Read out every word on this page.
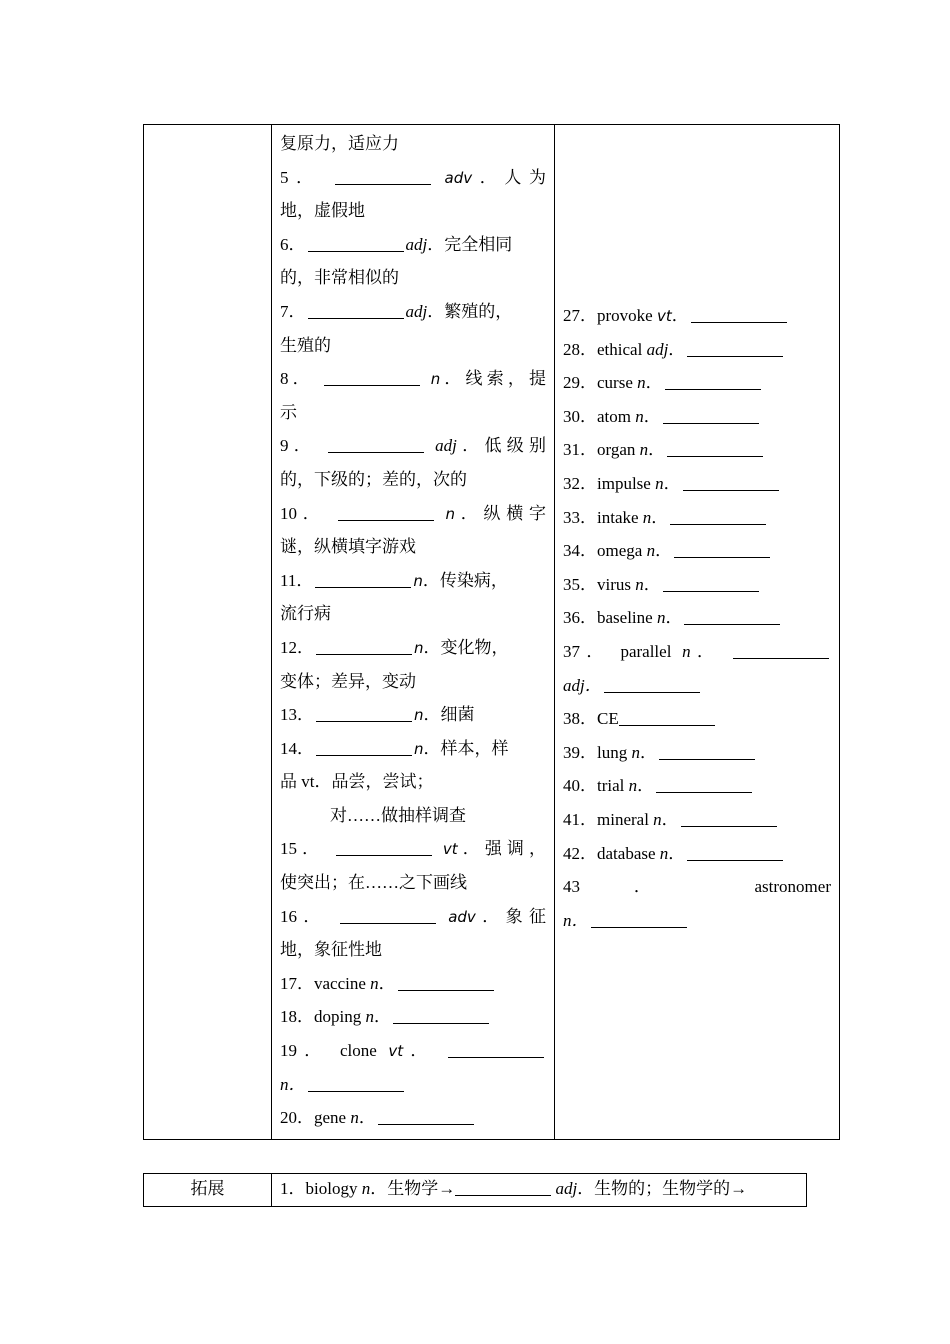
复原力，适应力
5．	adv．人为
地，虚假地
6．	adj．完全相同
的，非常相似的
7．	adj．繁殖的，
生殖的
8．	n．线索，提
示
9．	adj．低级别
的，下级的；差的，次的
10．	n．纵横字
谜，纵横填字游戏
11．	n．传染病，
流行病
12．	n．变化物，
变体；差异，变动
13．	n．细菌
14．	n．样本，样
品 vt．品尝，尝试；
对……做抽样调查
15．	vt．强调，
使突出；在……之下画线
16．	adv．象征
地，象征性地
17．vaccine n．
18．doping n．
19． clone vt．
n．
20．gene n．

27．provoke vt．
28．ethical adj．
29．curse n．
30．atom n．
31．organ n．
32．impulse n．
33．intake n．
34．omega n．
35．virus n．
36．baseline n．
37． parallel n．
adj．
38．CE
39．lung n．
40．trial n．
41．mineral n．
42．database n．
43	．	astronomer
n．
拓展	1．biology n．生物学→	adj．生物的；生物学的→
